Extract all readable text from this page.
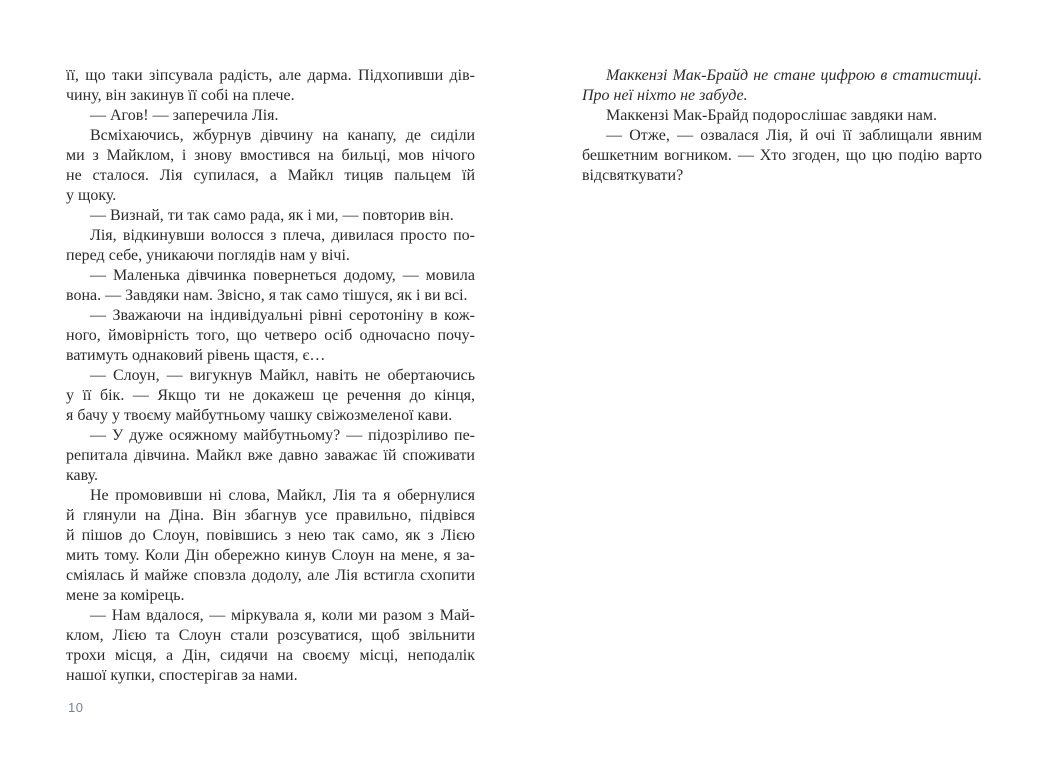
її, що таки зіпсувала радість, але дарма. Підхопивши дів-
чину, він закинув її собі на плече.
— Агов! — заперечила Лія.
Всміхаючись, жбурнув дівчину на канапу, де сиділи
ми з Майклом, і знову вмостився на бильці, мов нічого
не сталося. Лія супилася, а Майкл тицяв пальцем їй
у щоку.
— Визнай, ти так само рада, як і ми, — повторив він.
Лія, відкинувши волосся з плеча, дивилася просто по-
перед себе, уникаючи поглядів нам у вічі.
— Маленька дівчинка повернеться додому, — мовила
вона. — Завдяки нам. Звісно, я так само тішуся, як і ви всі.
— Зважаючи на індивідуальні рівні серотоніну в кож-
ного, ймовірність того, що четверо осіб одночасно почу-
ватимуть однаковий рівень щастя, є…
— Слоун, — вигукнув Майкл, навіть не обертаючись
у її бік. — Якщо ти не докажеш це речення до кінця,
я бачу у твоєму майбутньому чашку свіжозмеленої кави.
— У дуже осяжному майбутньому? — підозріливо пе-
репитала дівчина. Майкл вже давно заважає їй споживати
каву.
Не промовивши ні слова, Майкл, Лія та я обернулися
й глянули на Діна. Він збагнув усе правильно, підвівся
й пішов до Слоун, повівшись з нею так само, як з Лією
мить тому. Коли Дін обережно кинув Слоун на мене, я за-
сміялась й майже сповзла додолу, але Лія встигла схопити
мене за комірець.
— Нам вдалося, — міркувала я, коли ми разом з Май-
клом, Лією та Слоун стали розсуватися, щоб звільнити
трохи місця, а Дін, сидячи на своєму місці, неподалік
нашої купки, спостерігав за нами.
Маккензі Мак-Брайд не стане цифрою в статистиці.
Про неї ніхто не забуде.
Маккензі Мак-Брайд подорослішає завдяки нам.
— Отже, — озвалася Лія, й очі її заблищали явним
бешкетним вогником. — Хто згоден, що цю подію варто
відсвяткувати?
10
